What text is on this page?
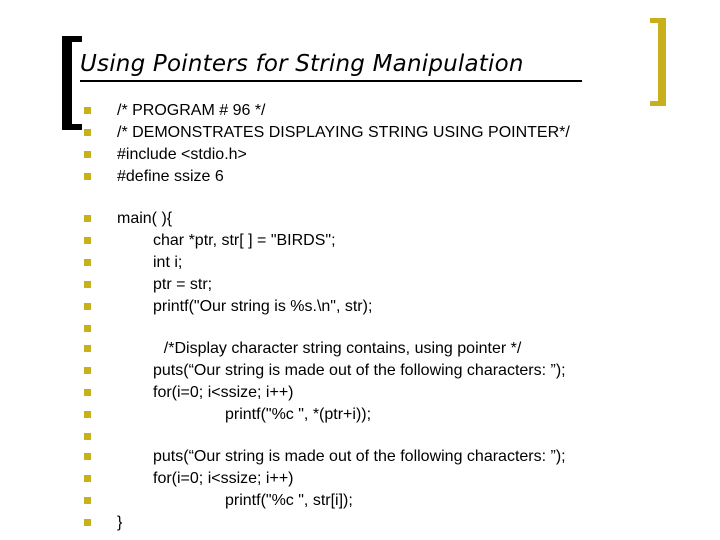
Using Pointers for String Manipulation
/* PROGRAM # 96 */
/* DEMONSTRATES DISPLAYING STRING USING POINTER*/
#include <stdio.h>
#define ssize 6
main( ){
char *ptr, str[ ] = "BIRDS";
int i;
ptr = str;
printf("Our string is %s.\n", str);
/*Display character string contains, using pointer */
puts(“Our string is made out of the following characters: ”);
for(i=0; i<ssize; i++)
printf("%c ", *(ptr+i));
puts(“Our string is made out of the following characters: ”);
for(i=0; i<ssize; i++)
printf("%c ", str[i]);
}
